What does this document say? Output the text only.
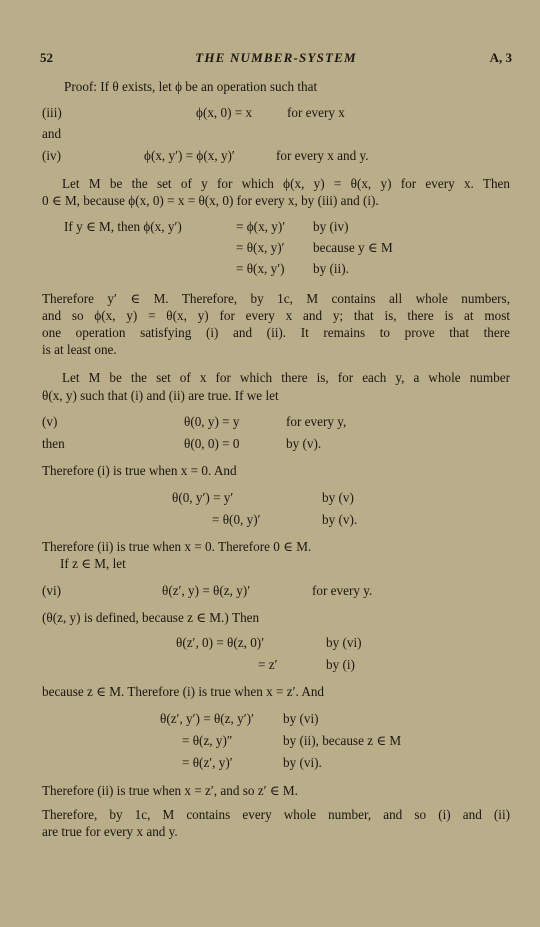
52	THE NUMBER-SYSTEM	A, 3
Proof: If θ exists, let ϕ be an operation such that
(iii)	ϕ(x, 0) = x	for every x
and
(iv)	ϕ(x, y′) = ϕ(x, y)′	for every x and y.
Let M be the set of y for which ϕ(x, y) = θ(x, y) for every x. Then
0 ∈ M, because ϕ(x, 0) = x = θ(x, 0) for every x, by (iii) and (i).
If y ∈ M, then ϕ(x, y′)	= ϕ(x, y)′ by (iv)
= θ(x, y)′ because y ∈ M
= θ(x, y′) by (ii).
Therefore y′ ∈ M. Therefore, by 1c, M contains all whole numbers,
and so ϕ(x, y) = θ(x, y) for every x and y; that is, there is at most
one operation satisfying (i) and (ii). It remains to prove that there
is at least one.
Let M be the set of x for which there is, for each y, a whole number
θ(x, y) such that (i) and (ii) are true. If we let
(v)	θ(0, y) = y	for every y,
then	θ(0, 0) = 0	by (v).
Therefore (i) is true when x = 0. And
θ(0, y′) = y′	by (v)
= θ(0, y)′	by (v).
Therefore (ii) is true when x = 0. Therefore 0 ∈ M.
If z ∈ M, let
(vi)	θ(z′, y) = θ(z, y)′	for every y.
(θ(z, y) is defined, because z ∈ M.) Then
θ(z′, 0) = θ(z, 0)′	by (vi)
= z′	by (i)
because z ∈ M. Therefore (i) is true when x = z′. And
θ(z′, y′) = θ(z, y′)′ by (vi)
= θ(z, y)″	by (ii), because z ∈ M
= θ(z′, y)′	by (vi).
Therefore (ii) is true when x = z′, and so z′ ∈ M.
Therefore, by 1c, M contains every whole number, and so (i) and (ii)
are true for every x and y.
